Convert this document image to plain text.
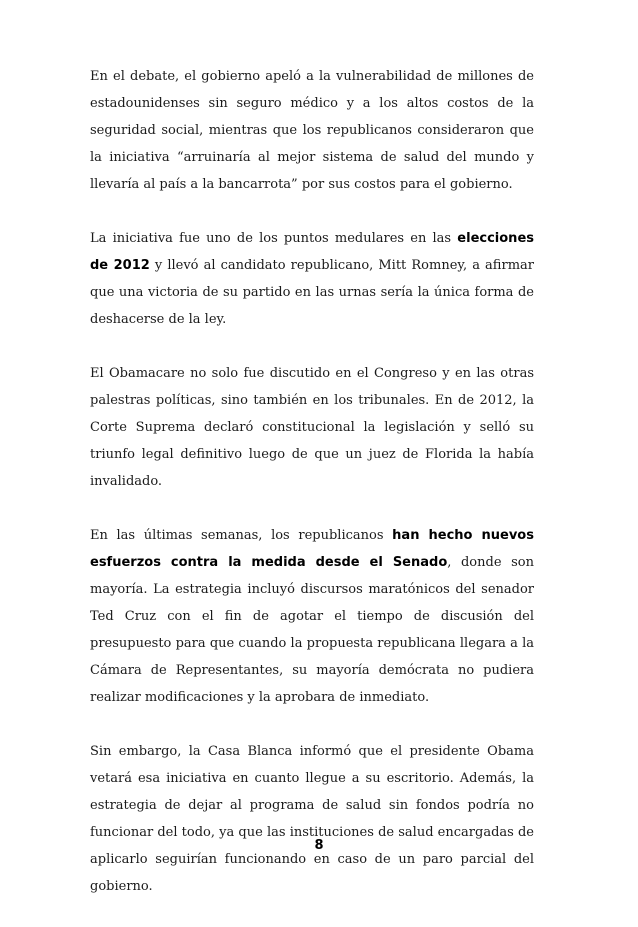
En el debate, el gobierno apeló a la vulnerabilidad de millones de estadounidenses sin seguro médico y a los altos costos de la seguridad social, mientras que los republicanos consideraron que la iniciativa “arruinaría al mejor sistema de salud del mundo y llevaría al país a la bancarrota” por sus costos para el gobierno.

La iniciativa fue uno de los puntos medulares en las elecciones de 2012 y llevó al candidato republicano, Mitt Romney, a afirmar que una victoria de su partido en las urnas sería la única forma de deshacerse de la ley.

El Obamacare no solo fue discutido en el Congreso y en las otras palestras políticas, sino también en los tribunales. En de 2012, la Corte Suprema declaró constitucional la legislación y selló su triunfo legal definitivo luego de que un juez de Florida la había invalidado.

En las últimas semanas, los republicanos han hecho nuevos esfuerzos contra la medida desde el Senado, donde son mayoría. La estrategia incluyó discursos maratónicos del senador Ted Cruz con el fin de agotar el tiempo de discusión del presupuesto para que cuando la propuesta republicana llegara a la Cámara de Representantes, su mayoría demócrata no pudiera realizar modificaciones y la aprobara de inmediato.

Sin embargo, la Casa Blanca informó que el presidente Obama vetará esa iniciativa en cuanto llegue a su escritorio. Además, la estrategia de dejar al programa de salud sin fondos podría no funcionar del todo, ya que las instituciones de salud encargadas de aplicarlo seguirían funcionando en caso de un paro parcial del gobierno.

8
